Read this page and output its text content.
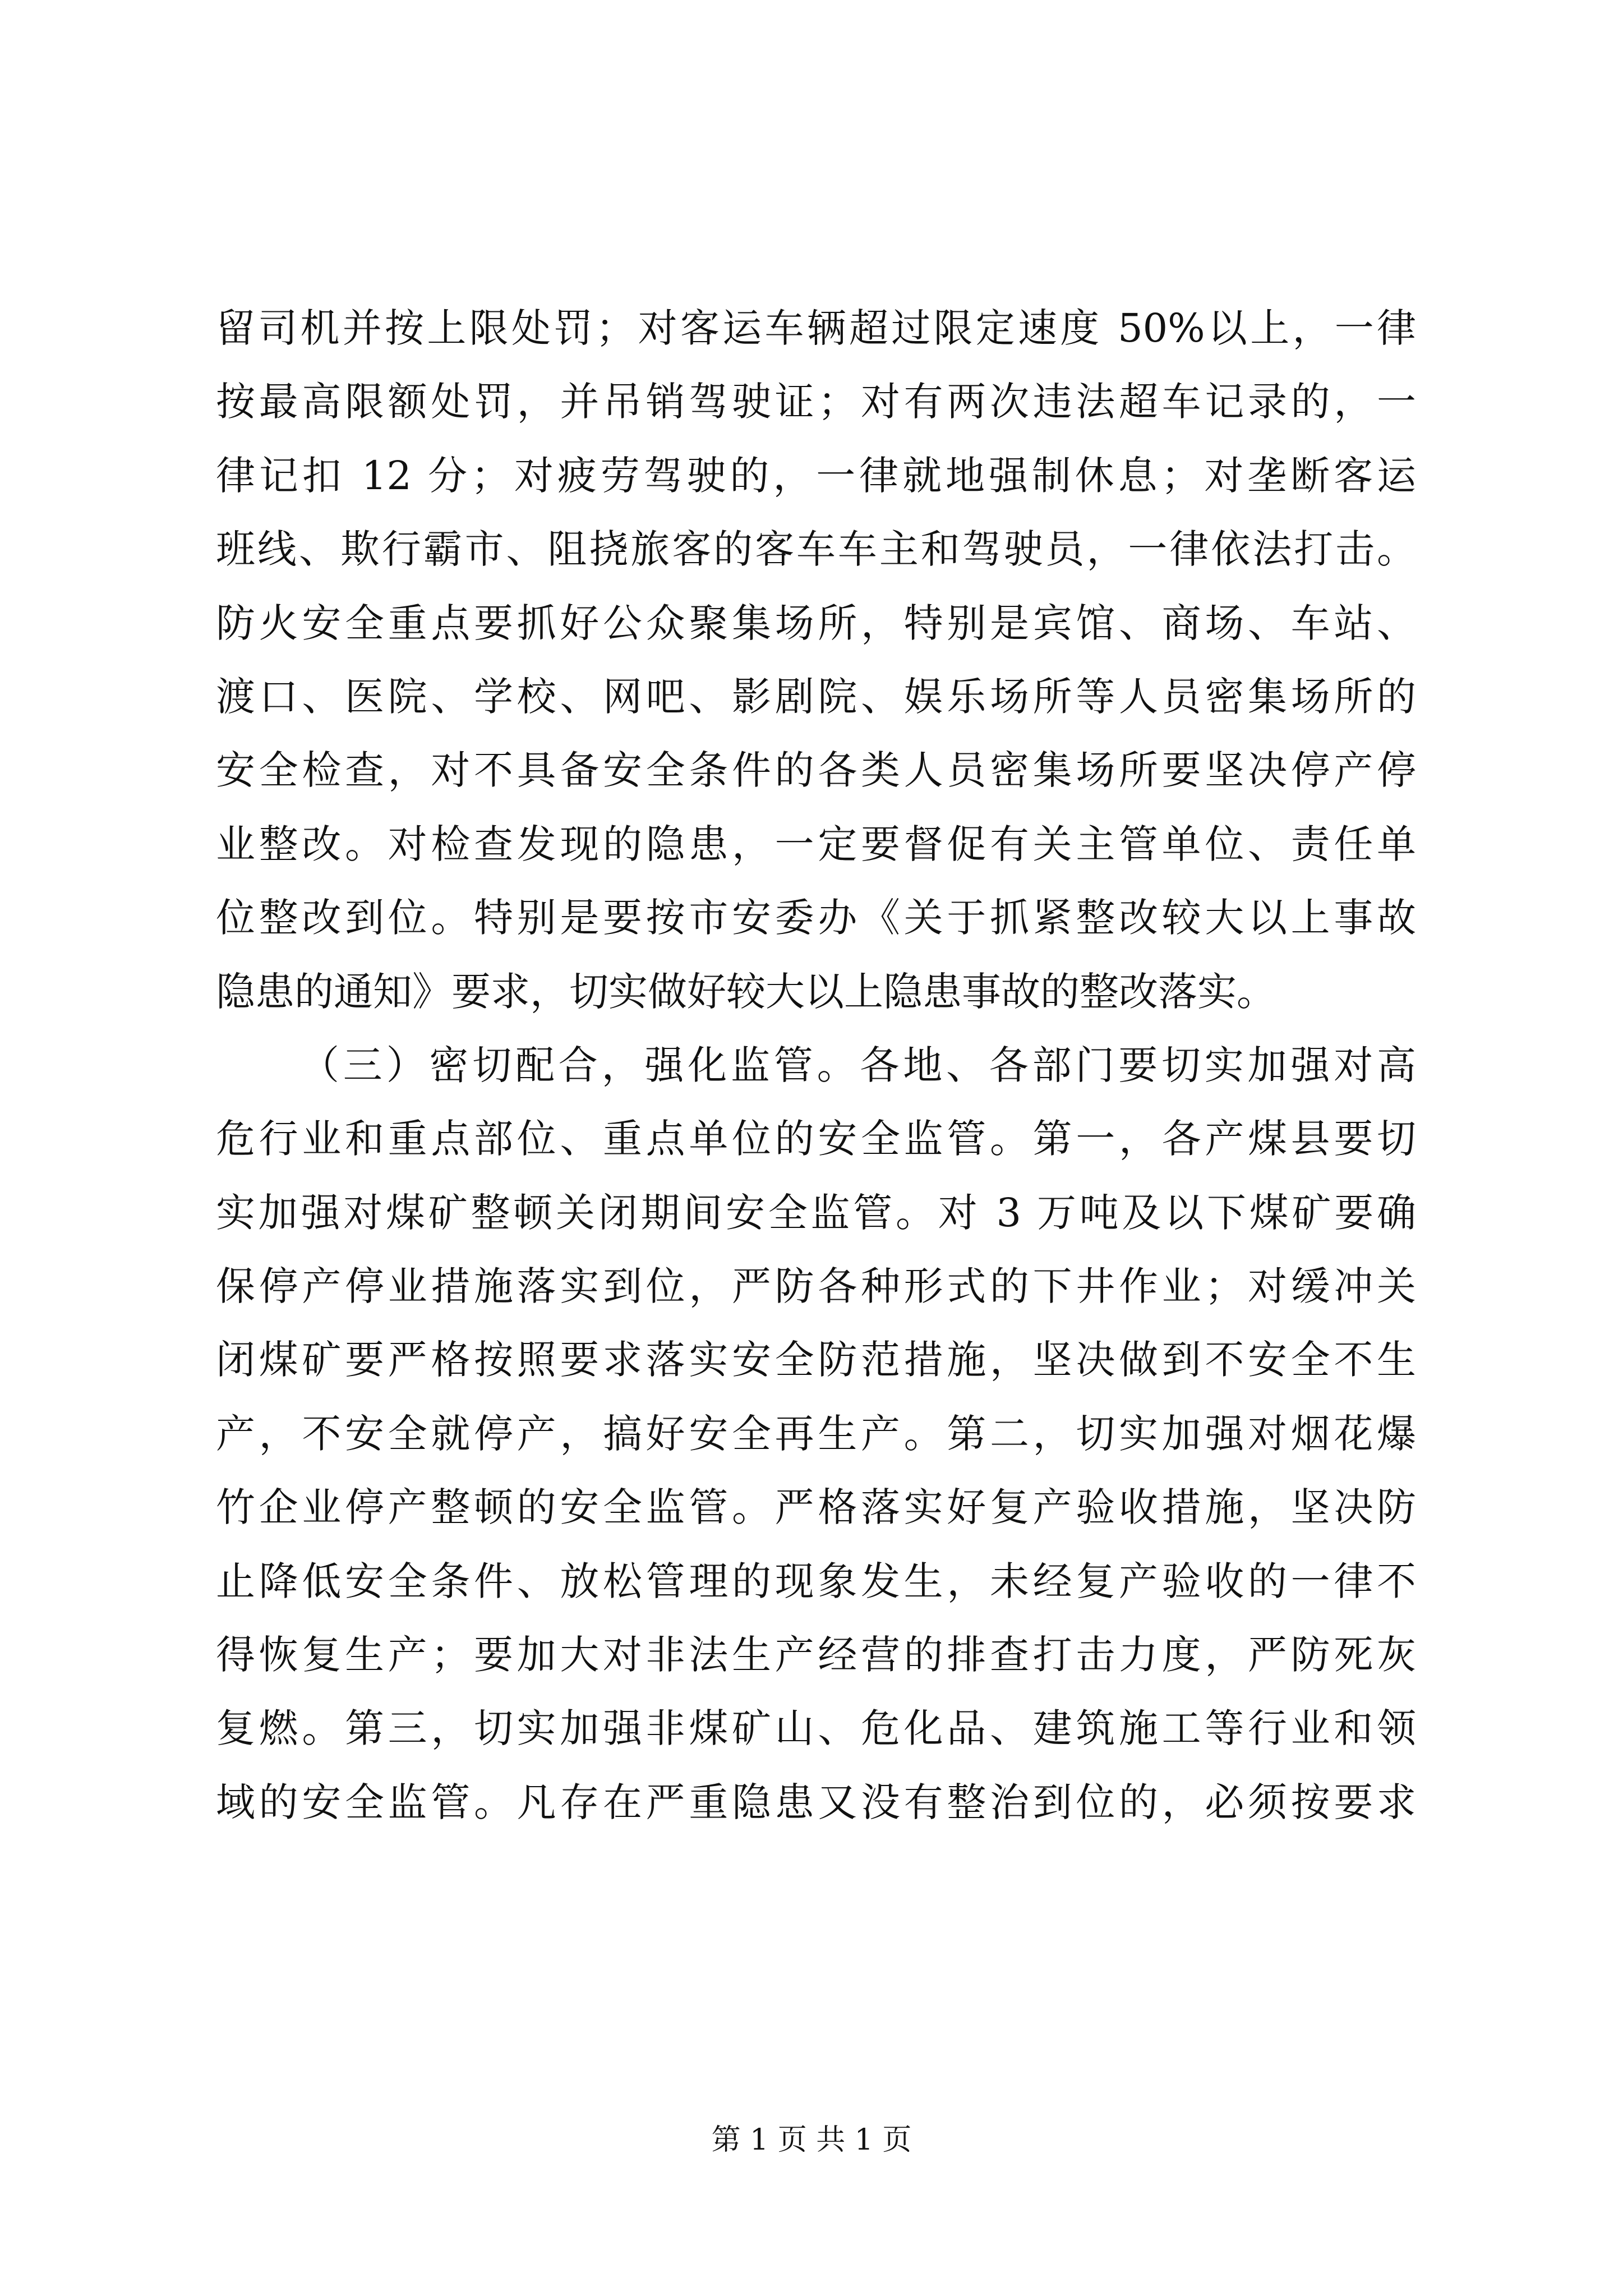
留司机并按上限处罚；对客运车辆超过限定速度 50%以上，一律
按最高限额处罚，并吊销驾驶证；对有两次违法超车记录的，一
律记扣 12 分；对疲劳驾驶的，一律就地强制休息；对垄断客运
班线、欺行霸市、阻挠旅客的客车车主和驾驶员，一律依法打击。
防火安全重点要抓好公众聚集场所，特别是宾馆、商场、车站、
渡口、医院、学校、网吧、影剧院、娱乐场所等人员密集场所的
安全检查，对不具备安全条件的各类人员密集场所要坚决停产停
业整改。对检查发现的隐患，一定要督促有关主管单位、责任单
位整改到位。特别是要按市安委办《关于抓紧整改较大以上事故
隐患的通知》要求，切实做好较大以上隐患事故的整改落实。
（三）密切配合，强化监管。各地、各部门要切实加强对高
危行业和重点部位、重点单位的安全监管。第一，各产煤县要切
实加强对煤矿整顿关闭期间安全监管。对 3 万吨及以下煤矿要确
保停产停业措施落实到位，严防各种形式的下井作业；对缓冲关
闭煤矿要严格按照要求落实安全防范措施，坚决做到不安全不生
产，不安全就停产，搞好安全再生产。第二，切实加强对烟花爆
竹企业停产整顿的安全监管。严格落实好复产验收措施，坚决防
止降低安全条件、放松管理的现象发生，未经复产验收的一律不
得恢复生产；要加大对非法生产经营的排查打击力度，严防死灰
复燃。第三，切实加强非煤矿山、危化品、建筑施工等行业和领
域的安全监管。凡存在严重隐患又没有整治到位的，必须按要求
第 1 页 共 1 页
